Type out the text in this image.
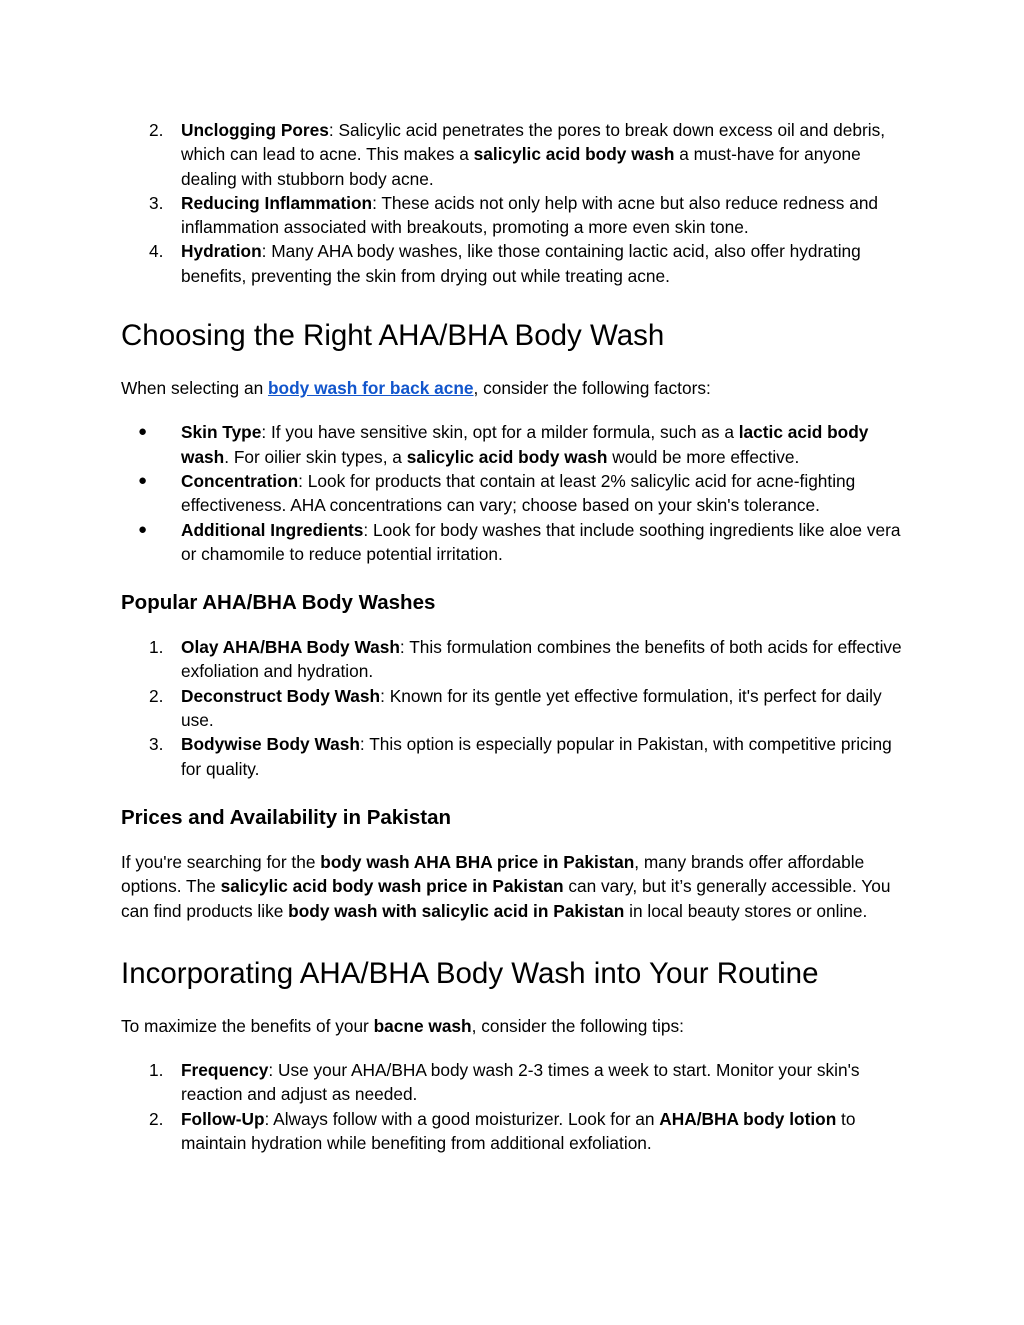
2.	Unclogging Pores: Salicylic acid penetrates the pores to break down excess oil and debris, which can lead to acne. This makes a salicylic acid body wash a must-have for anyone dealing with stubborn body acne.
3.	Reducing Inflammation: These acids not only help with acne but also reduce redness and inflammation associated with breakouts, promoting a more even skin tone.
4.	Hydration: Many AHA body washes, like those containing lactic acid, also offer hydrating benefits, preventing the skin from drying out while treating acne.
Choosing the Right AHA/BHA Body Wash

When selecting an body wash for back acne, consider the following factors:

●	Skin Type: If you have sensitive skin, opt for a milder formula, such as a lactic acid body wash. For oilier skin types, a salicylic acid body wash would be more effective.
●	Concentration: Look for products that contain at least 2% salicylic acid for acne-fighting effectiveness. AHA concentrations can vary; choose based on your skin's tolerance.
●	Additional Ingredients: Look for body washes that include soothing ingredients like aloe vera or chamomile to reduce potential irritation.
Popular AHA/BHA Body Washes
1.	Olay AHA/BHA Body Wash: This formulation combines the benefits of both acids for effective exfoliation and hydration.
2.	Deconstruct Body Wash: Known for its gentle yet effective formulation, it's perfect for daily use.
3.	Bodywise Body Wash: This option is especially popular in Pakistan, with competitive pricing for quality.
Prices and Availability in Pakistan

If you're searching for the body wash AHA BHA price in Pakistan, many brands offer affordable options. The salicylic acid body wash price in Pakistan can vary, but it’s generally accessible. You can find products like body wash with salicylic acid in Pakistan in local beauty stores or online.

Incorporating AHA/BHA Body Wash into Your Routine

To maximize the benefits of your bacne wash, consider the following tips:

1.	Frequency: Use your AHA/BHA body wash 2-3 times a week to start. Monitor your skin's reaction and adjust as needed.
2.	Follow-Up: Always follow with a good moisturizer. Look for an AHA/BHA body lotion to maintain hydration while benefiting from additional exfoliation.
